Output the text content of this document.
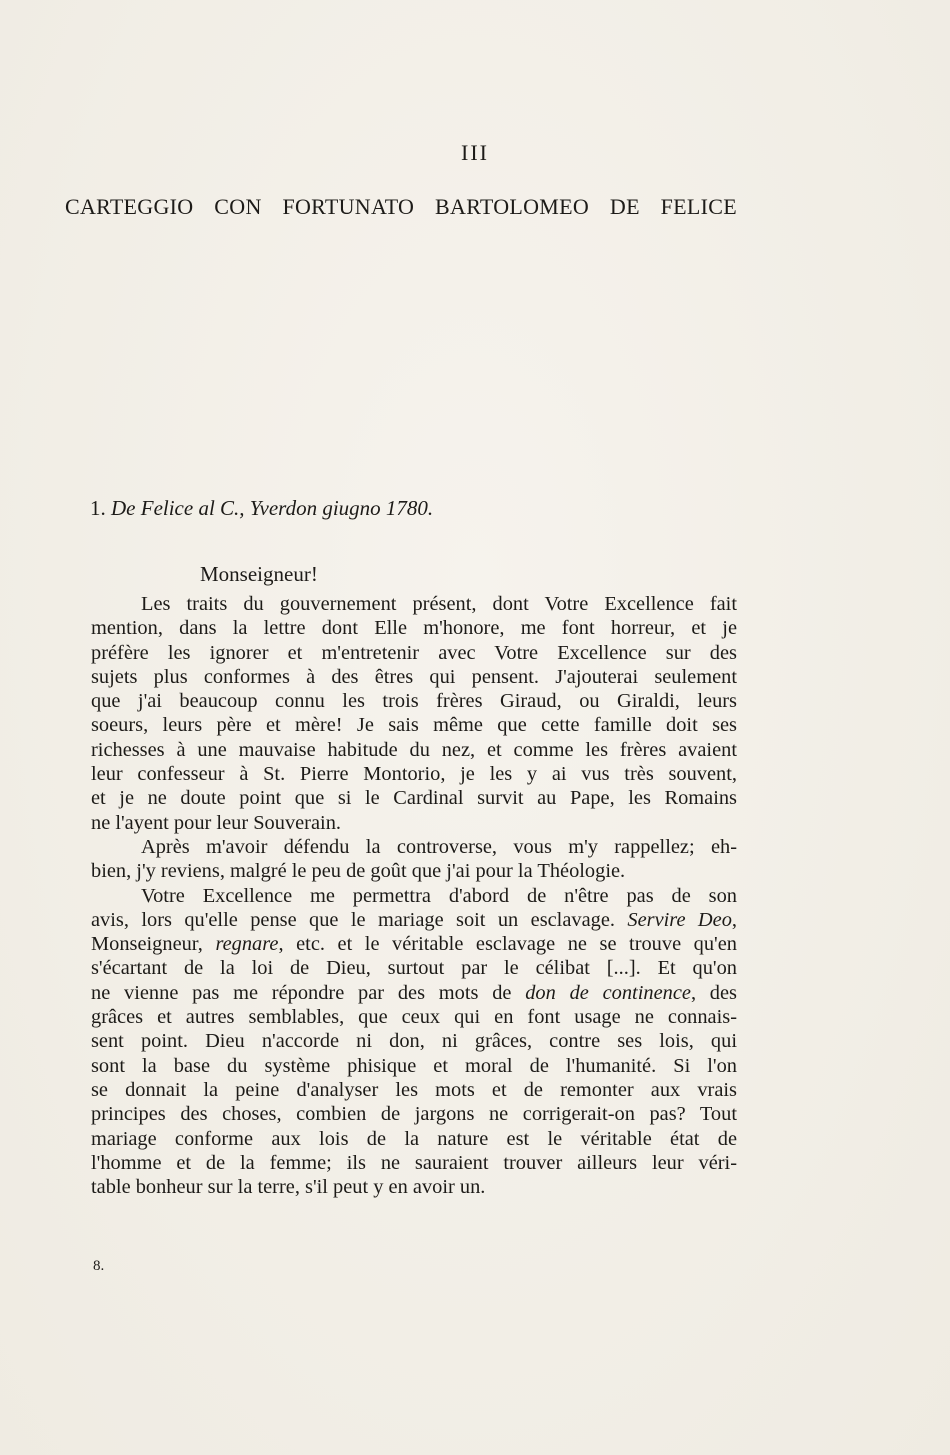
III
CARTEGGIO CON FORTUNATO BARTOLOMEO DE FELICE
1. De Felice al C., Yverdon giugno 1780.
Monseigneur!
Les traits du gouvernement présent, dont Votre Excellence fait
mention, dans la lettre dont Elle m'honore, me font horreur, et je
préfère les ignorer et m'entretenir avec Votre Excellence sur des
sujets plus conformes à des êtres qui pensent. J'ajouterai seulement
que j'ai beaucoup connu les trois frères Giraud, ou Giraldi, leurs
soeurs, leurs père et mère! Je sais même que cette famille doit ses
richesses à une mauvaise habitude du nez, et comme les frères avaient
leur confesseur à St. Pierre Montorio, je les y ai vus très souvent,
et je ne doute point que si le Cardinal survit au Pape, les Romains
ne l'ayent pour leur Souverain.
Après m'avoir défendu la controverse, vous m'y rappellez; eh-
bien, j'y reviens, malgré le peu de goût que j'ai pour la Théologie.
Votre Excellence me permettra d'abord de n'être pas de son
avis, lors qu'elle pense que le mariage soit un esclavage. Servire Deo,
Monseigneur, regnare, etc. et le véritable esclavage ne se trouve qu'en
s'écartant de la loi de Dieu, surtout par le célibat [...]. Et qu'on
ne vienne pas me répondre par des mots de don de continence, des
grâces et autres semblables, que ceux qui en font usage ne connais-
sent point. Dieu n'accorde ni don, ni grâces, contre ses lois, qui
sont la base du système phisique et moral de l'humanité. Si l'on
se donnait la peine d'analyser les mots et de remonter aux vrais
principes des choses, combien de jargons ne corrigerait-on pas? Tout
mariage conforme aux lois de la nature est le véritable état de
l'homme et de la femme; ils ne sauraient trouver ailleurs leur véri-
table bonheur sur la terre, s'il peut y en avoir un.
8.
